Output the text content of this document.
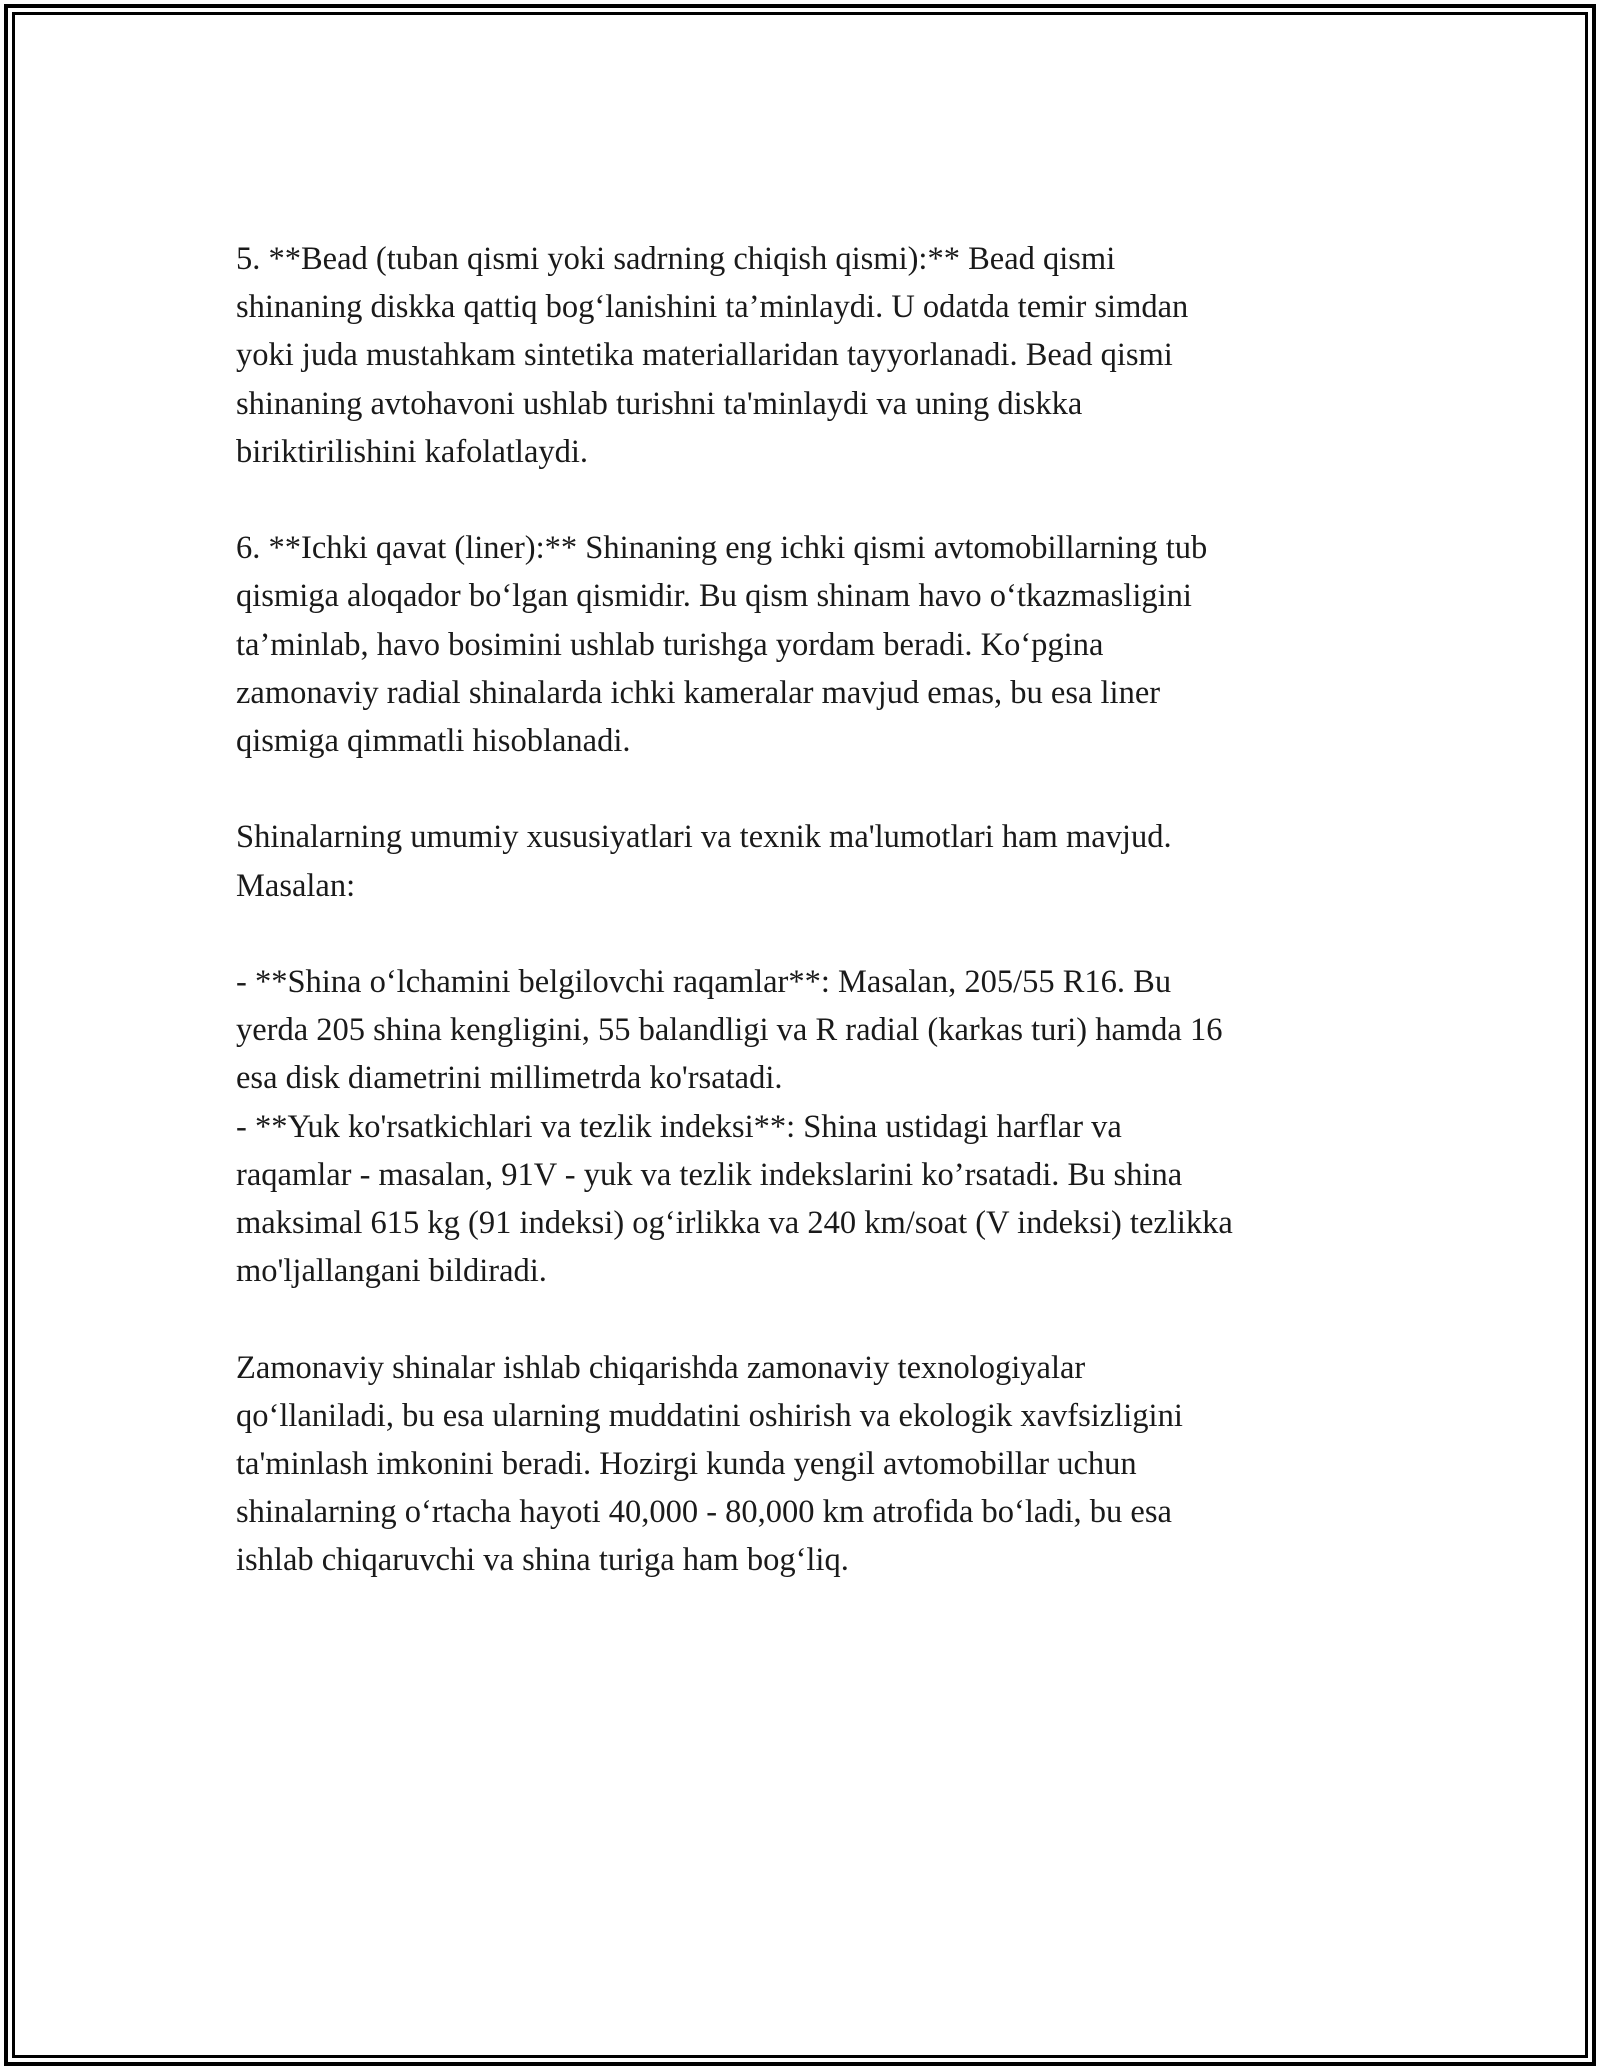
5. **Bead (tuban qismi yoki sadrning chiqish qismi):** Bead qismi
shinaning diskka qattiq bog‘lanishini ta’minlaydi. U odatda temir simdan
yoki juda mustahkam sintetika materiallaridan tayyorlanadi. Bead qismi
shinaning avtohavoni ushlab turishni ta'minlaydi va uning diskka
biriktirilishini kafolatlaydi.

6. **Ichki qavat (liner):** Shinaning eng ichki qismi avtomobillarning tub
qismiga aloqador bo‘lgan qismidir. Bu qism shinam havo o‘tkazmasligini
ta’minlab, havo bosimini ushlab turishga yordam beradi. Ko‘pgina
zamonaviy radial shinalarda ichki kameralar mavjud emas, bu esa liner
qismiga qimmatli hisoblanadi.

Shinalarning umumiy xususiyatlari va texnik ma'lumotlari ham mavjud.
Masalan:

- **Shina o‘lchamini belgilovchi raqamlar**: Masalan, 205/55 R16. Bu
yerda 205 shina kengligini, 55 balandligi va R radial (karkas turi) hamda 16
esa disk diametrini millimetrda ko'rsatadi.

- **Yuk ko'rsatkichlari va tezlik indeksi**: Shina ustidagi harflar va
raqamlar - masalan, 91V - yuk va tezlik indekslarini ko’rsatadi. Bu shina
maksimal 615 kg (91 indeksi) og‘irlikka va 240 km/soat (V indeksi) tezlikka
mo'ljallangani bildiradi.

Zamonaviy shinalar ishlab chiqarishda zamonaviy texnologiyalar
qo‘llaniladi, bu esa ularning muddatini oshirish va ekologik xavfsizligini
ta'minlash imkonini beradi. Hozirgi kunda yengil avtomobillar uchun
shinalarning o‘rtacha hayoti 40,000 - 80,000 km atrofida bo‘ladi, bu esa
ishlab chiqaruvchi va shina turiga ham bog‘liq.
